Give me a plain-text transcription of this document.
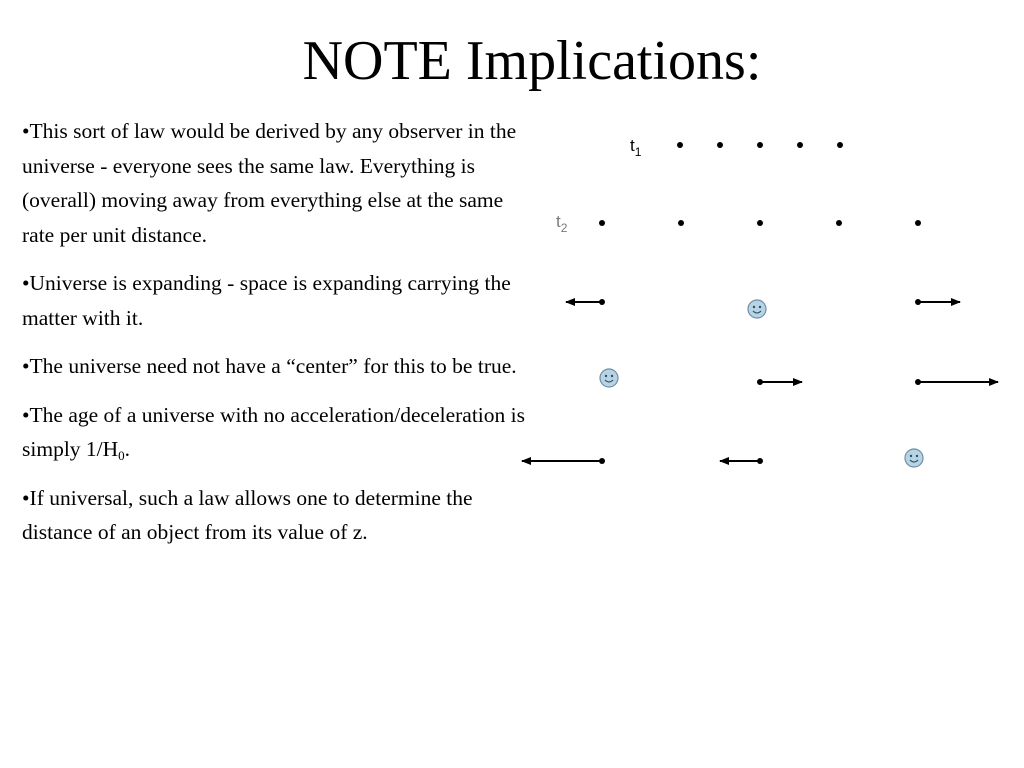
NOTE Implications:
•This sort of law would be derived by any observer in the universe - everyone sees the same law. Everything is (overall) moving away from everything else at the same rate per unit distance.
•Universe is expanding - space is expanding carrying the matter with it.
•The universe need not have a “center” for this to be true.
•The age of a universe with no acceleration/deceleration is simply $1/H_0$.
•If universal, such a law allows one to determine the distance of an object from its value of z.
$t_1$
$t_2$
